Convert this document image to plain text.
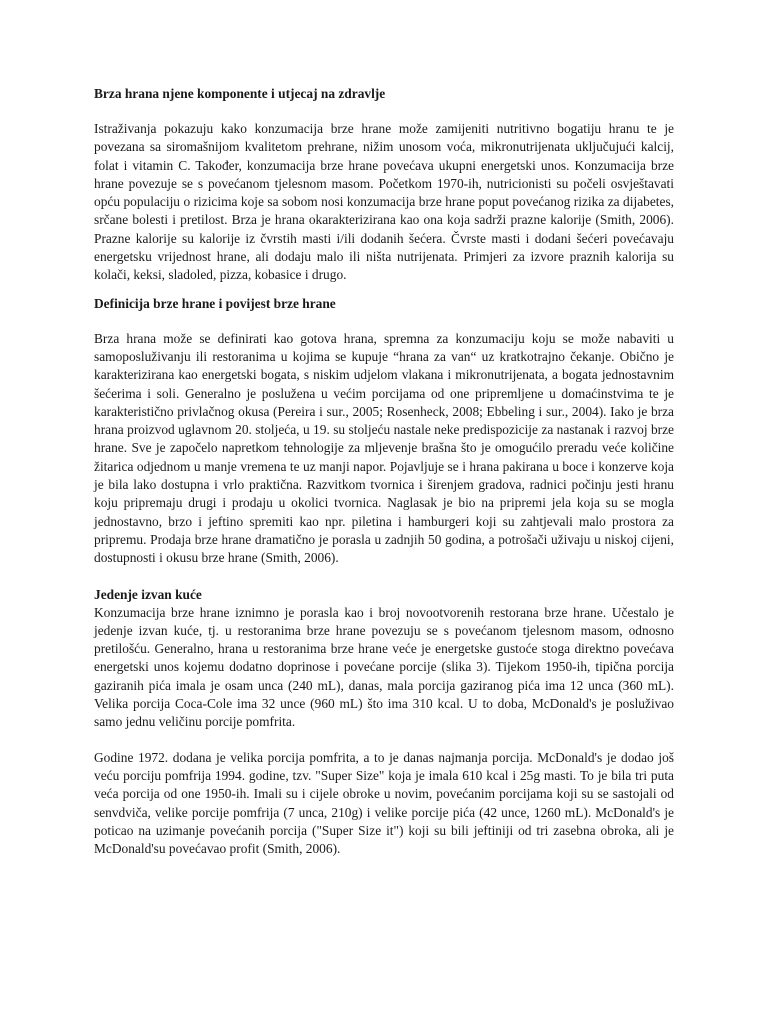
Brza hrana njene komponente i utjecaj na zdravlje

Istraživanja pokazuju kako konzumacija brze hrane može zamijeniti nutritivno bogatiju hranu te je povezana sa siromašnijom kvalitetom prehrane, nižim unosom voća, mikronutrijenata uključujući kalcij, folat i vitamin C. Također, konzumacija brze hrane povećava ukupni energetski unos. Konzumacija brze hrane povezuje se s povećanom tjelesnom masom. Početkom 1970-ih, nutricionisti su počeli osvještavati opću populaciju o rizicima koje sa sobom nosi konzumacija brze hrane poput povećanog rizika za dijabetes, srčane bolesti i pretilost. Brza je hrana okarakterizirana kao ona koja sadrži prazne kalorije (Smith, 2006). Prazne kalorije su kalorije iz čvrstih masti i/ili dodanih šećera. Čvrste masti i dodani šećeri povećavaju energetsku vrijednost hrane, ali dodaju malo ili ništa nutrijenata. Primjeri za izvore praznih kalorija su kolači, keksi, sladoled, pizza, kobasice i drugo.

Definicija brze hrane i povijest brze hrane

Brza hrana može se definirati kao gotova hrana, spremna za konzumaciju koju se može nabaviti u samoposluživanju ili restoranima u kojima se kupuje “hrana za van“ uz kratkotrajno čekanje. Obično je karakterizirana kao energetski bogata, s niskim udjelom vlakana i mikronutrijenata, a bogata jednostavnim šećerima i soli. Generalno je poslužena u većim porcijama od one pripremljene u domaćinstvima te je karakteristično privlačnog okusa (Pereira i sur., 2005; Rosenheck, 2008; Ebbeling i sur., 2004). Iako je brza hrana proizvod uglavnom 20. stoljeća, u 19. su stoljeću nastale neke predispozicije za nastanak i razvoj brze hrane. Sve je započelo napretkom tehnologije za mljevenje brašna što je omogućilo preradu veće količine žitarica odjednom u manje vremena te uz manji napor. Pojavljuje se i hrana pakirana u boce i konzerve koja je bila lako dostupna i vrlo praktična. Razvitkom tvornica i širenjem gradova, radnici počinju jesti hranu koju pripremaju drugi i prodaju u okolici tvornica. Naglasak je bio na pripremi jela koja su se mogla jednostavno, brzo i jeftino spremiti kao npr. piletina i hamburgeri koji su zahtjevali malo prostora za pripremu. Prodaja brze hrane dramatično je porasla u zadnjih 50 godina, a potrošači uživaju u niskoj cijeni, dostupnosti i okusu brze hrane (Smith, 2006).

Jedenje izvan kuće

Konzumacija brze hrane iznimno je porasla kao i broj novootvorenih restorana brze hrane. Učestalo je jedenje izvan kuće, tj. u restoranima brze hrane povezuju se s povećanom tjelesnom masom, odnosno pretilošću. Generalno, hrana u restoranima brze hrane veće je energetske gustoće stoga direktno povećava energetski unos kojemu dodatno doprinose i povećane porcije (slika 3). Tijekom 1950-ih, tipična porcija gaziranih pića imala je osam unca (240 mL), danas, mala porcija gaziranog pića ima 12 unca (360 mL). Velika porcija Coca-Cole ima 32 unce (960 mL) što ima 310 kcal. U to doba, McDonald's je posluživao samo jednu veličinu porcije pomfrita.

Godine 1972. dodana je velika porcija pomfrita, a to je danas najmanja porcija. McDonald's je dodao još veću porciju pomfrija 1994. godine, tzv. "Super Size" koja je imala 610 kcal i 25g masti. To je bila tri puta veća porcija od one 1950-ih. Imali su i cijele obroke u novim, povećanim porcijama koji su se sastojali od senvdviča, velike porcije pomfrija (7 unca, 210g) i velike porcije pića (42 unce, 1260 mL). McDonald's je poticao na uzimanje povećanih porcija ("Super Size it") koji su bili jeftiniji od tri zasebna obroka, ali je McDonald'su povećavao profit (Smith, 2006).
